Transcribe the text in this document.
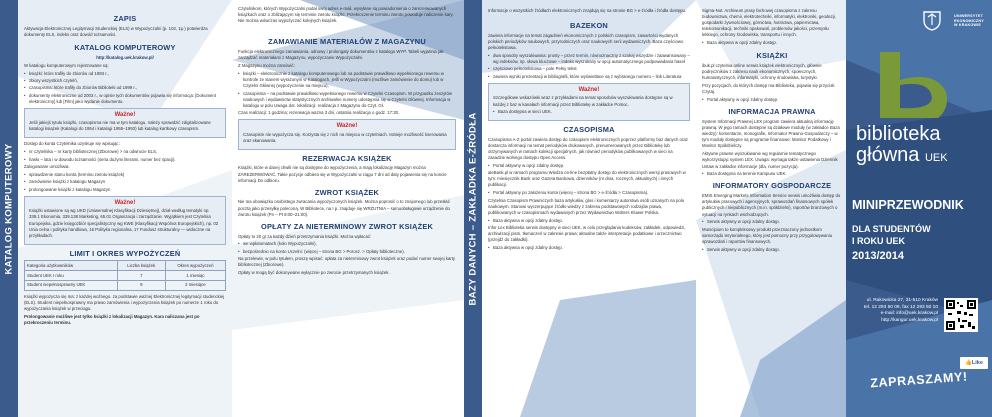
KATALOG KOMPUTEROWY	BAZY DANYCH – ZAKŁADKA E-ŹRÓDŁA
ZAPIS

Aktywacja Elektronicznej Legitymacji Studenckiej (ELS) w Wypożyczalni (p. 102, 1p.) potwierdza dokumenty ELS, indeks oraz dowód tożsamości.

KATALOG KOMPUTEROWY

http://katalog.uek.krakow.pl/

W katalogu komputerowym rejestrowane są:

• książki: które trafiły do zbiorów od 1993 r.,
• zbiory wszystkich czytelń,
• czasopisma: które trafiły do zbiorów Biblioteki od 1999 r.,
• dokumenty elektroniczne od 2003 r., w opisie tych dokumentów pojawia się informacja: [Dokument elektroniczny] lub [Film] jako wydanie dokumentu.
Ważne!

Jeśli jakiejś tytułu książki, czasopisma nie ma w tym katalogu, należy sprawdzić zdigitalizowane katalogi książek (Katalogi do 1954 i katalogi 1955–1993) lub katalog kartkowy czasopism.

Dostęp do konta Czytelnika uzyskuje się wpisując:

• nr czytelnika – nr karty bibliotecznej (Zbiorowe) > na odwrocie ELS,
• hasło – lata i w dowodu tożsamości (seria dużymi literami, numer bez spacji).

Zalogowanie umożliwia:

• sprawdzenie stanu konta (terminu zwrotu książek)
• zamówienie książki z katalogu Magazyn
• prolongowanie książki z katalogu Magazyn
Ważne!

Książki ustawione są wg UKD (Uniwersalnej Klasyfikacji Dziesiętnej), dział według tematyki np. 339.1 Ekonomia, 339.138 Marketing, 65.01 Organizacja i zarządzanie. Wyjątkiem jest Czytelnia Europejska, gdzie księgozbiór specjalistyczny wg KWE (Klasyfikacji Wspólnot Europejskich), np. 02 Unia celna i polityka handlowa, 16 Polityka regionalna, 17 Fundusz strukturalny — widoczne na przykładach.

LIMIT I OKRES WYPOŻYCZEŃ
Kategoria użytkowników	Liczba książek	Okres wypożyczeń
Student UEK I roku	7	1 miesiąc
Student niepełnosprawny UEK	9	2 miesiące

Książki wypożycza się ma: z każdej woźnego. za podstawie ważnej Elektronicznej legitymacji studenckiej (ELS). Student niepełnosprawny ma prawo zamówienia i wypożyczenia książek po numerze 1 roku do wypożyczania książek w przeciągu.

Prolongowanie możliwe jest tylko książki z lokalizacji Magazyn. Kara naliczana jest po przekroczeniu terminu.

Czytelnikom, których Wypożyczalni podał swój adres e-mail, wysyłane są powiadomienia o zarezerwowanych książkach oraz o zbliżającym się terminie zwrotu książki. Przekroczenie terminu zwrotu powoduje naliczenie kary. Nie można wówczas wypożyczać kolejnych książek.

ZAMAWIANIE MATERIAŁÓW Z MAGAZYNU

Funkcja elektronicznego zamawiania, odnowy i prolongaty dokumentów z katalogu WYP. Tabeli wyjaśnia jak zarządzać materiałami z Magazynu, wypożyczanie Wypożyczalni.

Z Magazynu można zamówić:

• książki – elektronicznie z katalogu komputerowego lub na podstawie prawidłowo wypełnionego rewersu w kontrole ze stanem wyrażonym w Katalogach, jeśli w Wypożyczalni (możliwe zamówienie do domu) lub w Czytelni Głównej (wypożyczenie na miejscu),
• czasopisma – na podstawie prawidłowo wypełnionego rewersu w Czytelni Czasopism. W przypadku zeszytów naukowych i wydawnictw statystycznych archiwalne numery udostępnia się w Czytelni Głównej. Informacja w katalogu w polu Uwaga dot. lokalizacji: realizacja z Magazynu do Czyt. Gł.

Czas realizacji: 1 godzina; rezerwacja ważna 3 dni, ostatnia realizacja o godz. 17:30.

Ważne!

Czasopism nie wypożycza się. Korzysta się z nich na miejscu w czytelniach. Istnieje możliwość kserowania oraz skanowania.

REZERWACJA KSIĄŻEK

Książki, które w danej chwili nie są dostępne do wypożyczenia, a mają lokalizację Magazyn można ZAREZERWOWAĆ. Takie pozycje odbiera się w Wypożyczalni w ciągu 7 dni od daty pojawienia się na koncie informacji Do odbioru.

ZWROT KSIĄŻEK

Nie ma obowiązku osobistego zwracania wypożyczonych książek. Można poprosić o to znajomego lub przesłać pocztą jako przesyłkę poleconą. W Bibliotece, na I p. znajduje się WRZUTNIA – samoobsługowe urządzenie do zwrotu książek (Pn – Pt 8:00–21:00).

OPŁATY ZA NIETERMINOWY ZWROT KSIĄŻEK

Opłaty to 20 gr za każdy dzień przetrzymania książki. Można wpłacać:

• we wpłatomatach (koło Wypożyczalni),
• bezpośrednio na konto Uczelni: (więcej – strona BG > Porosz. > Opłaty biblioteczne).

Na przelewie, w polu tytułem, proszę wpisać: opłata za nieterminowy zwrot książek oraz podać numer swojej karty bibliotecznej (Zbiorowe).

Opłaty w mogą być dokonywane wyłącznie po zwrocie przetrzymanych książek.

Informacje o wszystkich źródłach elektronicznych znajdują się na stronie BG > e-źródła i źródła dostępu.

BAZEKON

zawiera informacje na temat zagadnień ekonomicznych z polskich czasopism, zawartości wydanych polskich periodyków naukowych, przyrodniczych oraz naukowych serii wydawniczych. Baza częściowo pełnotekstowa.

• dwa sposoby wyszukiwania: prosty – przez termin, równoznaczny z szukaj wszędzie i zaawansowany – wg indeksów, np. słowa kluczowe – indeks wyszukany w opcji automatycznego podpowiadania haseł
• częściowo pełnotekstowa – pole Pełny tekst
• zawiera wyniki prezentacji w bibliografii, które wyświetlane są z wybranego numeru – link Literatura
Ważne!

Szczegółowe wskazówki wraz z przykładami na temat sposobów wyszukiwania dostępne są w każdej z baz w kanałach informacji przez Bibliotekę w zakładce Pomoc.

• Baza dostępna w sieci UEK.
CZASOPISMA

Czasopisma A-Z portal zawiera dostęp do czasopism elektronicznych poprzez platformy baz danych oraz dostarcza informacji na temat periodyków drukowanych, prenumerowanych przez Bibliotekę lub otrzymywanych w ramach kolekcji specjalnych, jak również periodyków publikowanych w sieci na zasadzie wolnego dostępu Open Access.

• Portal aktywny w opcji zdalny dostęp.

aleBank.pl w ramach programu Wiedza on-line bezpłatny dostęp do elektronicznych wersji prasowych w tym: miesięcznik Bank oraz Gazeta Bankowa, dzienników (nr dnia, rocznych, aktualnych) i innych publikacji.

• Portal aktywny po założeniu konta (więcej – strona BG > e-źródła > Czasopisma).

Czytelnia Czasopism Prawniczych baza artykułów, glos i komentarzy autorstwa osób uznanych na polu naukowym. Stanowi wyczerpujące źródło wiedzy z zakresu podstawowych rodzajów prawa, publikowanych w czasopismach wydawanych przez Wydawnictwo Wolters Kluwer Polska.

• Baza aktywna w opcji zdalny dostęp.

Infor Lex Biblioteka serwis dostępny w sieci UEK, w celu przeglądania kodeksów, zakładek, odpowiedzi, archiwizacji pism, tłumaczeń w zakresie prawa; aktualne także interpretacje podatkowe i orzecznictwo (przejdź do zakładki).

• Baza aktywna w opcji zdalny dostęp.

Sigma-Not. Archiwum prasy fachowej czasopisma z zakresu budownictwa, chemii, elektrotechniki, informatyki, elektroniki, geodezji, gospodarki żywnościowej, górnictwa, hutnictwa, papiernictwa, telekomunikacji, techniki opakowań, problemów jakości, przemysłu lekkiego, ochrony środowiska, transportu i innych.

• Baza aktywna w opcji zdalny dostęp.
KSIĄŻKI

ibuk.pl czytelnia online serwis książek elektronicznych, głównie podręczników z zakresu nauk ekonomicznych, społecznych, humanistycznych, informatyki, ochrony środowiska, turystyki.

Przy pozycjach, do których dostęp ma Biblioteka, pojawia się przycisk Czytaj.

• Portal aktywny w opcji zdalny dostęp.
INFORMACJA PRAWNA

System Informacji Prawnej LEX program zawiera aktualną informację prawną. W jego ramach dostępne są działowe moduły (w zakładce Baza wiedzy): komentarze, monografie, Informator Prawno-Gospodarczy – w tym moduły dostępne są programie finansowe: Monitor Podatkowy i Monitor Spółdzielczy.

Aktywne prawne wyszukiwanie wg regularnie tematycznego wykorzystując system LEX. Uwaga: wymaga także ustawienia Dziennik Ustaw w zakładce informacje (dla, numer pozycja).

• Baza dostępna na terenie Kampusu UEK.
INFORMATORY GOSPODARCZE

EMIS Emerging Markets Information Service serwis umożliwia dostęp do artykułów prasowych i agencyjnych, sprawozdań finansowych spółek publicznych i niepublicznych (m.in. spółdzielni), raportów branżowych o sytuacji na rynkach wschodzących.

• Serwis aktywny w opcji zdalny dostęp.

Municipium to kompleksowy produkt przeznaczony jednostkom samorządu terytorialnego, który jest pomocny przy przygotowywaniu sprawozdań i raportów finansowych.

• Serwis aktywny w opcji zdalny dostęp.
UNIWERSYTET
EKONOMICZNY
W KRAKOWIE
biblioteka
główna UEK
MINIPRZEWODNIK
DLA STUDENTÓW
I ROKU UEK
2013/2014
ul. Rakowicka 27, 31-510 Kraków
tel. 12 293 50 09, fax 12 293 50 10
e-mail: info@uek.krakow.pl
http://kangur.uek.krakow.pl
👍Like
ZAPRASZAMY!
